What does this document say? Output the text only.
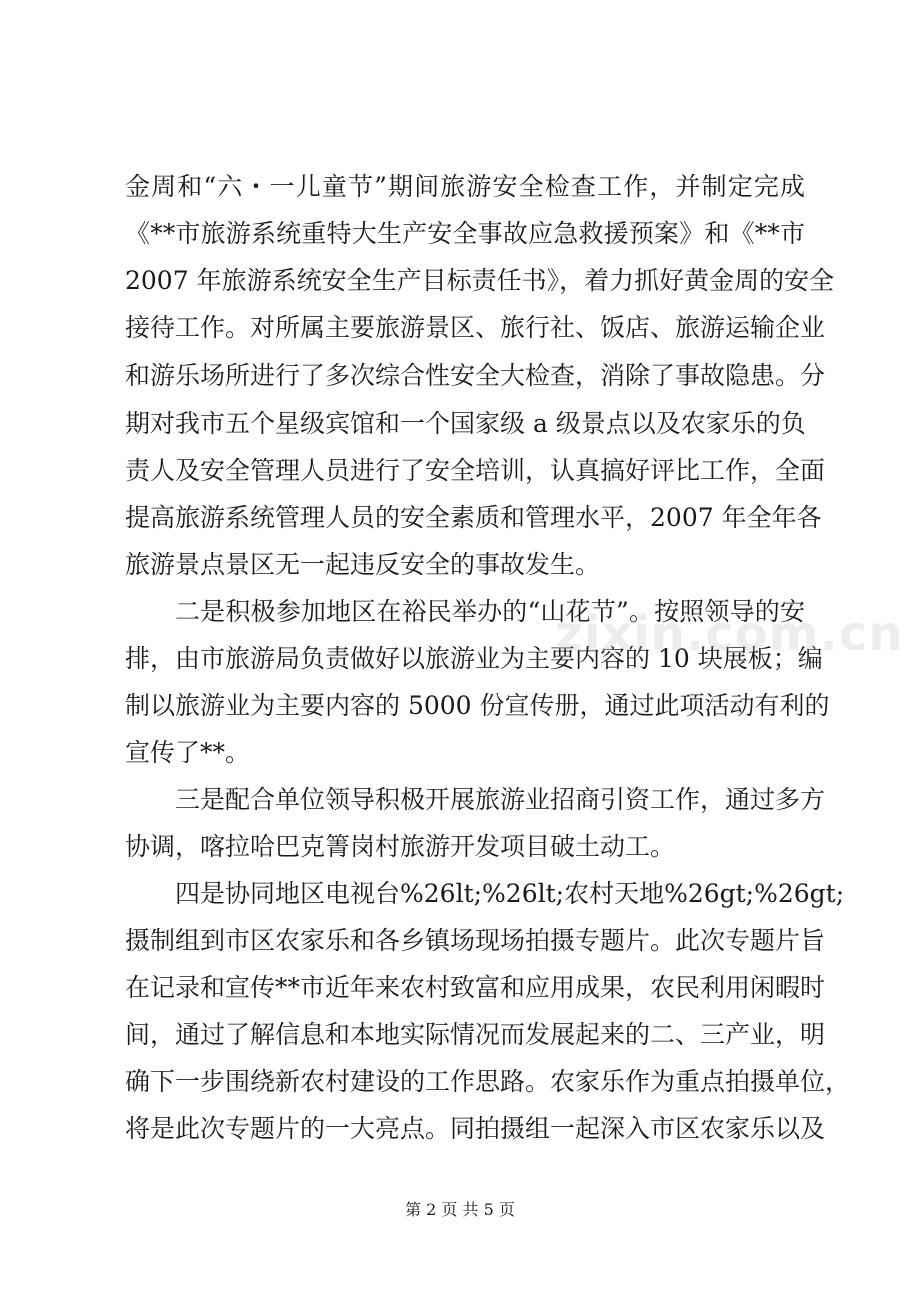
金周和“六・一儿童节”期间旅游安全检查工作，并制定完成
《**市旅游系统重特大生产安全事故应急救援预案》和《**市
2007 年旅游系统安全生产目标责任书》，着力抓好黄金周的安全
接待工作。对所属主要旅游景区、旅行社、饭店、旅游运输企业
和游乐场所进行了多次综合性安全大检查，消除了事故隐患。分
期对我市五个星级宾馆和一个国家级 a 级景点以及农家乐的负
责人及安全管理人员进行了安全培训，认真搞好评比工作，全面
提高旅游系统管理人员的安全素质和管理水平，2007 年全年各
旅游景点景区无一起违反安全的事故发生。
二是积极参加地区在裕民举办的“山花节”。按照领导的安
排，由市旅游局负责做好以旅游业为主要内容的 10 块展板；编
制以旅游业为主要内容的 5000 份宣传册，通过此项活动有利的
宣传了**。
三是配合单位领导积极开展旅游业招商引资工作，通过多方
协调，喀拉哈巴克箐岗村旅游开发项目破土动工。
四是协同地区电视台%26lt;%26lt;农村天地%26gt;%26gt;
摄制组到市区农家乐和各乡镇场现场拍摄专题片。此次专题片旨
在记录和宣传**市近年来农村致富和应用成果，农民利用闲暇时
间，通过了解信息和本地实际情况而发展起来的二、三产业，明
确下一步围绕新农村建设的工作思路。农家乐作为重点拍摄单位，
将是此次专题片的一大亮点。同拍摄组一起深入市区农家乐以及
zixin.com.cn
第 2 页 共 5 页
